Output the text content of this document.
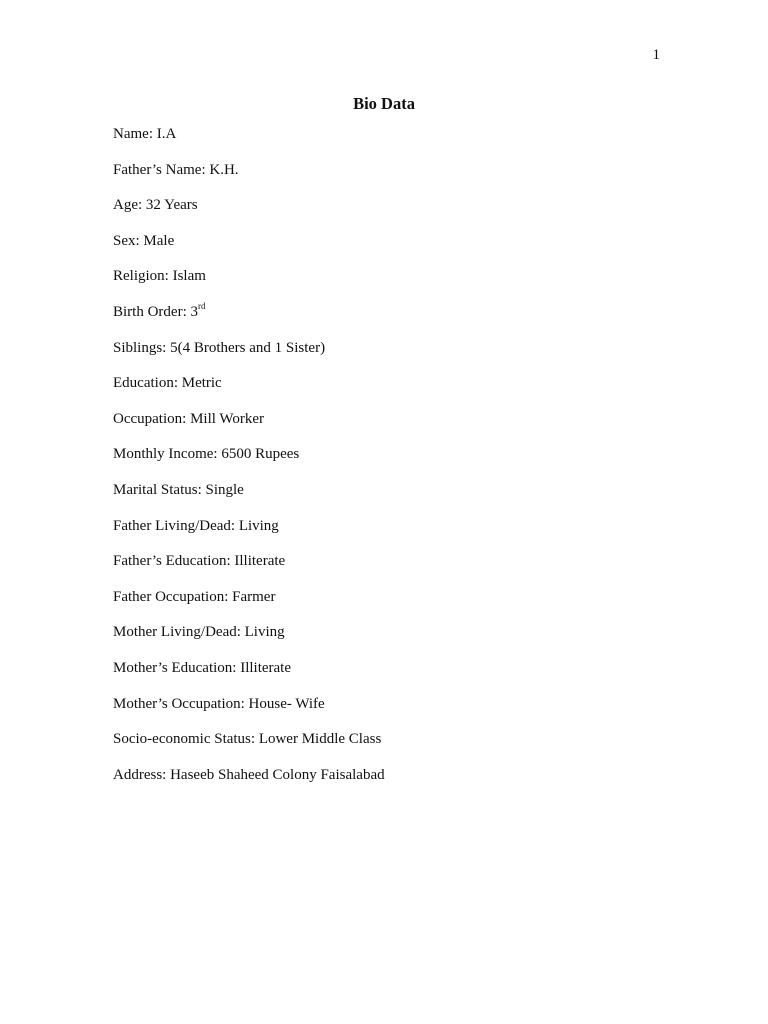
1
Bio Data
Name: I.A
Father’s Name: K.H.
Age: 32 Years
Sex: Male
Religion: Islam
Birth Order: 3rd
Siblings: 5(4 Brothers and 1 Sister)
Education: Metric
Occupation: Mill Worker
Monthly Income: 6500 Rupees
Marital Status: Single
Father Living/Dead: Living
Father’s Education: Illiterate
Father Occupation: Farmer
Mother Living/Dead: Living
Mother’s Education: Illiterate
Mother’s Occupation: House- Wife
Socio-economic Status: Lower Middle Class
Address: Haseeb Shaheed Colony Faisalabad
